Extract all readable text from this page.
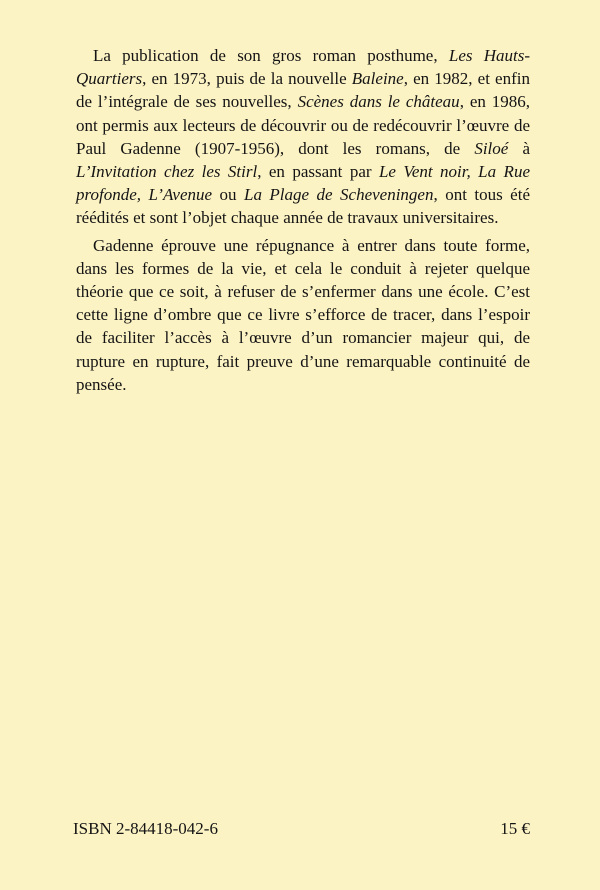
La publication de son gros roman posthume, Les Hauts-Quartiers, en 1973, puis de la nouvelle Baleine, en 1982, et enfin de l’intégrale de ses nouvelles, Scènes dans le château, en 1986, ont permis aux lecteurs de découvrir ou de redécouvrir l’œuvre de Paul Gadenne (1907-1956), dont les romans, de Siloé à L’Invitation chez les Stirl, en passant par Le Vent noir, La Rue profonde, L’Avenue ou La Plage de Scheveningen, ont tous été réédités et sont l’objet chaque année de travaux universitaires.

Gadenne éprouve une répugnance à entrer dans toute forme, dans les formes de la vie, et cela le conduit à rejeter quelque théorie que ce soit, à refuser de s’enfermer dans une école. C’est cette ligne d’ombre que ce livre s’efforce de tracer, dans l’espoir de faciliter l’accès à l’œuvre d’un romancier majeur qui, de rupture en rupture, fait preuve d’une remarquable continuité de pensée.

ISBN 2-84418-042-6	15 €
